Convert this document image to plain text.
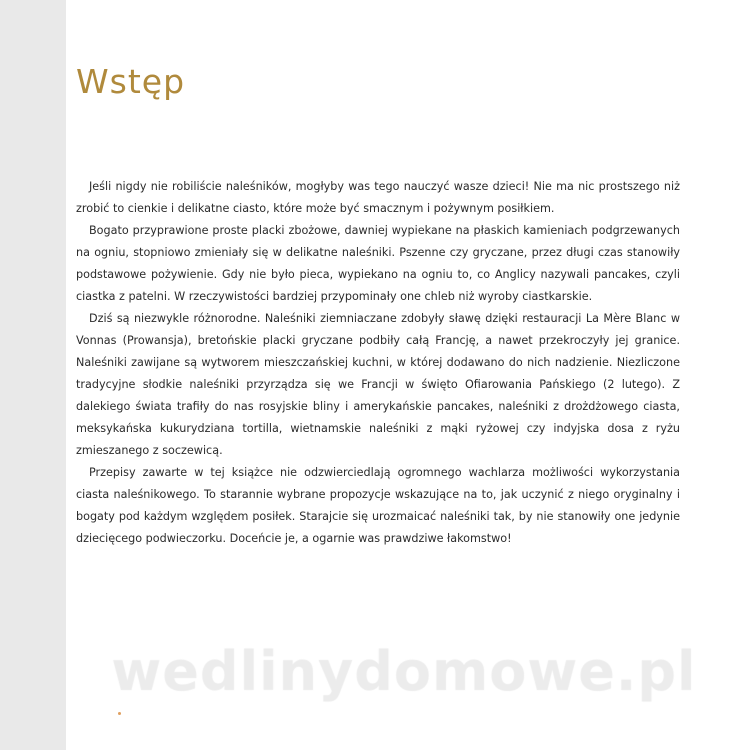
Wstęp

Jeśli nigdy nie robiliście naleśników, mogłyby was tego nauczyć wasze dzieci! Nie ma nic prostszego niż zrobić to cienkie i delikatne ciasto, które może być smacznym i pożywnym posiłkiem.

Bogato przyprawione proste placki zbożowe, dawniej wypiekane na płaskich kamieniach podgrzewanych na ogniu, stopniowo zmieniały się w delikatne naleśniki. Pszenne czy gryczane, przez długi czas stanowiły podstawowe pożywienie. Gdy nie było pieca, wypiekano na ogniu to, co Anglicy nazywali pancakes, czyli ciastka z patelni. W rzeczywistości bardziej przypominały one chleb niż wyroby ciastkarskie.

Dziś są niezwykle różnorodne. Naleśniki ziemniaczane zdobyły sławę dzięki restauracji La Mère Blanc w Vonnas (Prowansja), bretońskie placki gryczane podbiły całą Francję, a nawet przekroczyły jej granice. Naleśniki zawijane są wytworem mieszczańskiej kuchni, w której dodawano do nich nadzienie. Niezliczone tradycyjne słodkie naleśniki przyrządza się we Francji w święto Ofiarowania Pańskiego (2 lutego). Z dalekiego świata trafiły do nas rosyjskie bliny i amerykańskie pancakes, naleśniki z drożdżowego ciasta, meksykańska kukurydziana tortilla, wietnamskie naleśniki z mąki ryżowej czy indyjska dosa z ryżu zmieszanego z soczewicą.

Przepisy zawarte w tej książce nie odzwierciedlają ogromnego wachlarza możliwości wykorzystania ciasta naleśnikowego. To starannie wybrane propozycje wskazujące na to, jak uczynić z niego oryginalny i bogaty pod każdym względem posiłek. Starajcie się urozmaicać naleśniki tak, by nie stanowiły one jedynie dziecięcego podwieczorku. Doceńcie je, a ogarnie was prawdziwe łakomstwo!

wedlinydomowe.pl
